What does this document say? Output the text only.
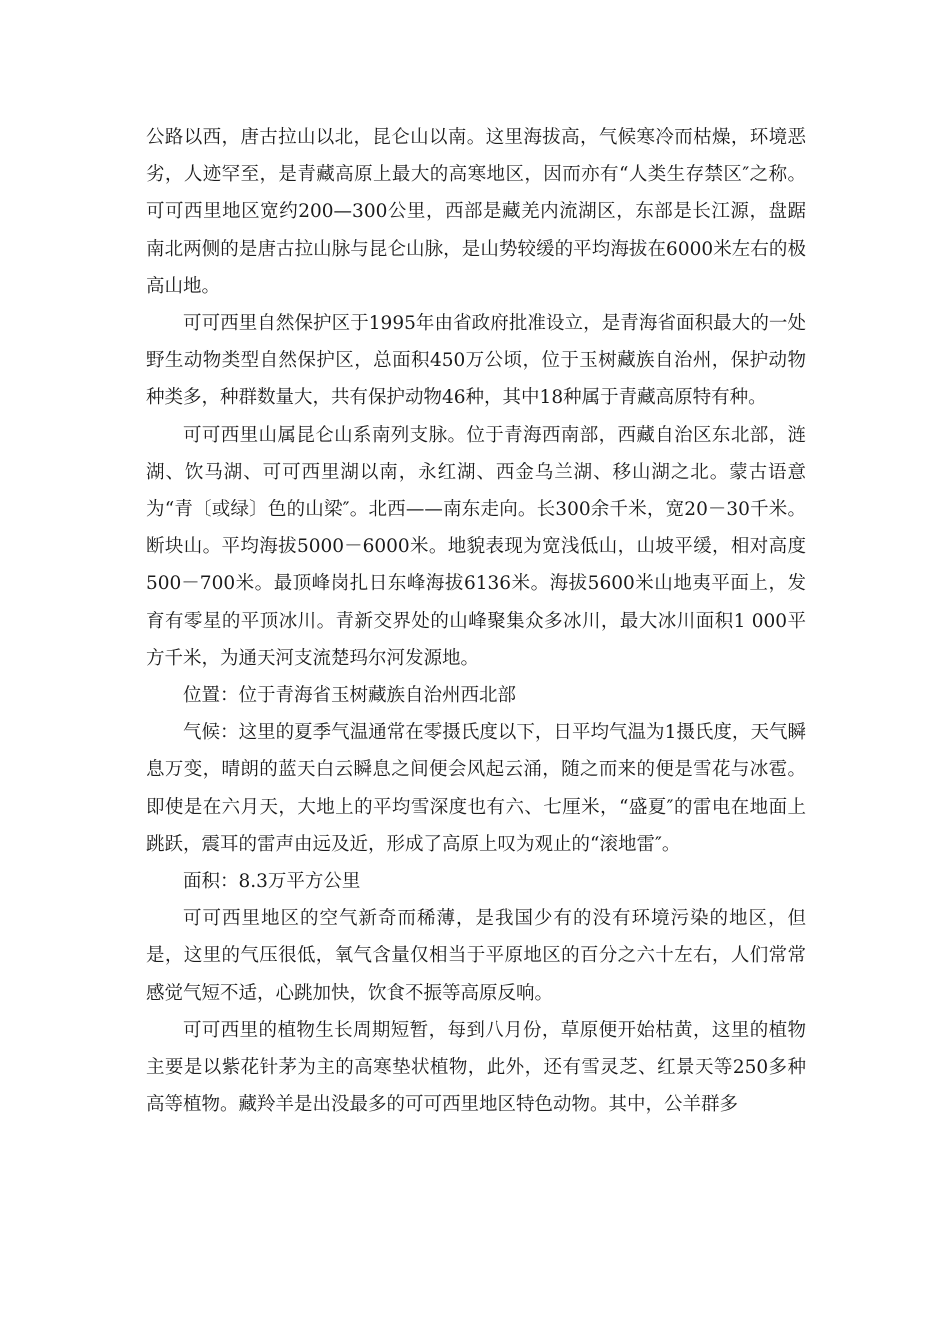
公路以西，唐古拉山以北，昆仑山以南。这里海拔高，气候寒冷而枯燥，环境恶劣，人迹罕至，是青藏高原上最大的高寒地区，因而亦有“人类生存禁区″之称。可可西里地区宽约200—300公里，西部是藏羌内流湖区，东部是长江源，盘踞南北两侧的是唐古拉山脉与昆仑山脉，是山势较缓的平均海拔在6000米左右的极高山地。

可可西里自然保护区于1995年由省政府批准设立，是青海省面积最大的一处野生动物类型自然保护区，总面积450万公顷，位于玉树藏族自治州，保护动物种类多，种群数量大，共有保护动物46种，其中18种属于青藏高原特有种。

可可西里山属昆仑山系南列支脉。位于青海西南部，西藏自治区东北部，涟湖、饮马湖、可可西里湖以南，永红湖、西金乌兰湖、移山湖之北。蒙古语意为“青〔或绿〕色的山梁″。北西——南东走向。长300余千米，宽20－30千米。断块山。平均海拔5000－6000米。地貌表现为宽浅低山，山坡平缓，相对高度500－700米。最顶峰岗扎日东峰海拔6136米。海拔5600米山地夷平面上，发育有零星的平顶冰川。青新交界处的山峰聚集众多冰川，最大冰川面积1 000平方千米，为通天河支流楚玛尔河发源地。

位置：位于青海省玉树藏族自治州西北部

气候：这里的夏季气温通常在零摄氏度以下，日平均气温为1摄氏度，天气瞬息万变，晴朗的蓝天白云瞬息之间便会风起云涌，随之而来的便是雪花与冰雹。即使是在六月天，大地上的平均雪深度也有六、七厘米，“盛夏″的雷电在地面上跳跃，震耳的雷声由远及近，形成了高原上叹为观止的“滚地雷″。

面积：8.3万平方公里

可可西里地区的空气新奇而稀薄，是我国少有的没有环境污染的地区，但是，这里的气压很低，氧气含量仅相当于平原地区的百分之六十左右，人们常常感觉气短不适，心跳加快，饮食不振等高原反响。

可可西里的植物生长周期短暂，每到八月份，草原便开始枯黄，这里的植物主要是以紫花针茅为主的高寒垫状植物，此外，还有雪灵芝、红景天等250多种高等植物。藏羚羊是出没最多的可可西里地区特色动物。其中，公羊群多
